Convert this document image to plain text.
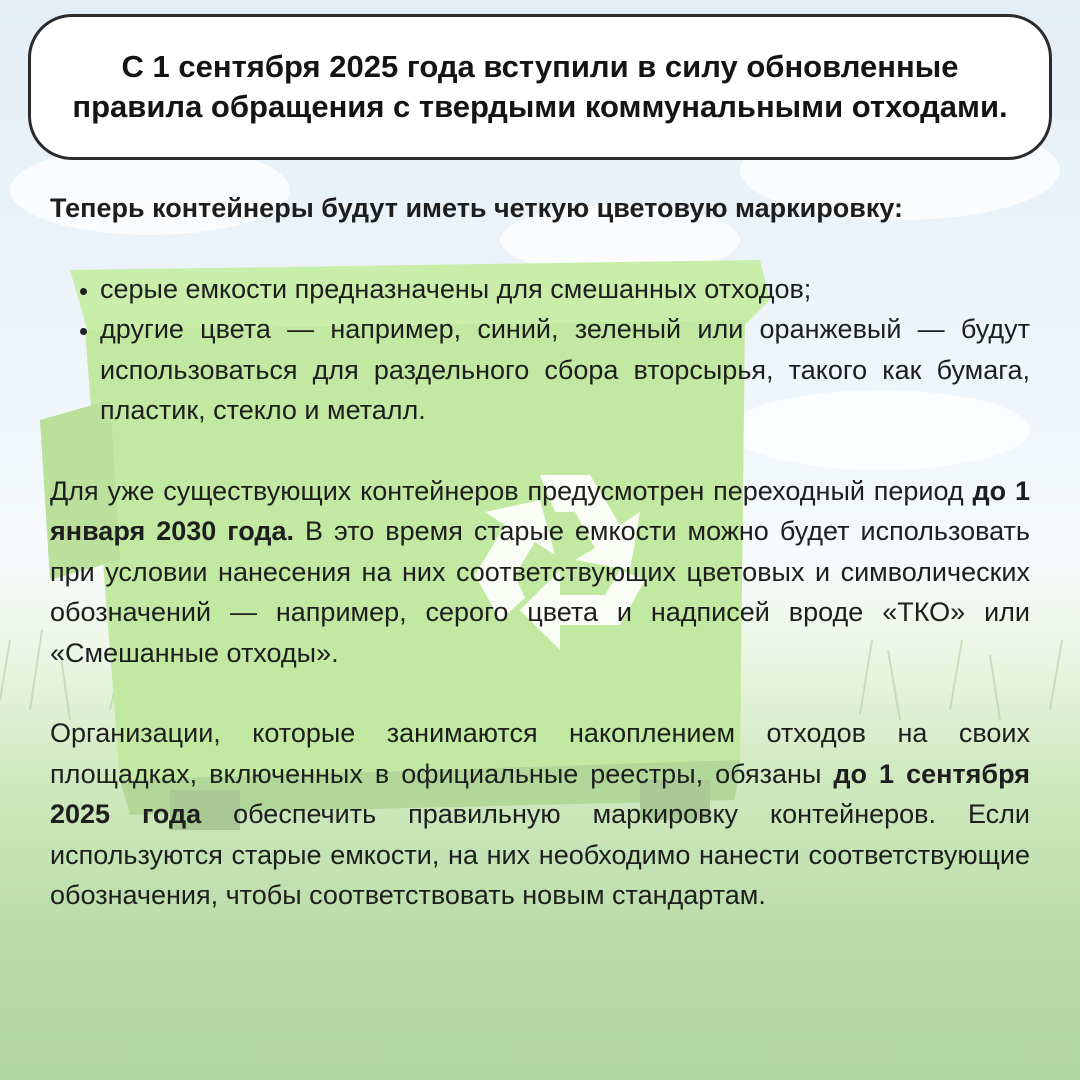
С 1 сентября 2025 года вступили в силу обновленные правила обращения с твердыми коммунальными отходами.

Теперь контейнеры будут иметь четкую цветовую маркировку:

• серые емкости предназначены для смешанных отходов;
• другие цвета — например, синий, зеленый или оранжевый — будут использоваться для раздельного сбора вторсырья, такого как бумага, пластик, стекло и металл.

Для уже существующих контейнеров предусмотрен переходный период до 1 января 2030 года. В это время старые емкости можно будет использовать при условии нанесения на них соответствующих цветовых и символических обозначений — например, серого цвета и надписей вроде «ТКО» или «Смешанные отходы».

Организации, которые занимаются накоплением отходов на своих площадках, включенных в официальные реестры, обязаны до 1 сентября 2025 года обеспечить правильную маркировку контейнеров. Если используются старые емкости, на них необходимо нанести соответствующие обозначения, чтобы соответствовать новым стандартам.
